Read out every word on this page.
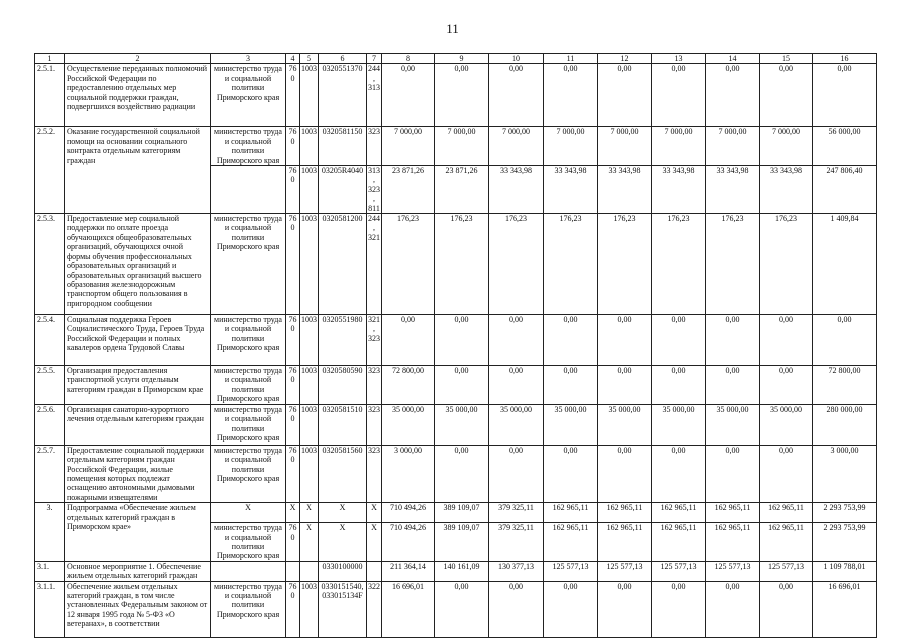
11
1	2	3	4	5	6	7	8	9	10	11	12	13	14	15	16
2.5.1.	Осуществление переданных полномочий Российской Федерации по предоставлению отдельных мер социальной поддержки граждан, подвергшихся воздействию радиации	министерство труда и социальной политики Приморского края	760	1003	0320551370	244, 313	0,00	0,00	0,00	0,00	0,00	0,00	0,00	0,00	0,00
2.5.2.	Оказание государственной социальной помощи на основании социального контракта отдельным категориям граждан	министерство труда и социальной политики Приморского края	760	1003	0320581150	323	7 000,00	7 000,00	7 000,00	7 000,00	7 000,00	7 000,00	7 000,00	7 000,00	56 000,00
			760	1003	03205R4040	313, 323, 811	23 871,26	23 871,26	33 343,98	33 343,98	33 343,98	33 343,98	33 343,98	33 343,98	247 806,40
2.5.3.	Предоставление мер социальной поддержки по оплате проезда обучающихся общеобразовательных организаций, обучающихся очной формы обучения профессиональных образовательных организаций и образовательных организаций высшего образования железнодорожным транспортом общего пользования в пригородном сообщении	министерство труда и социальной политики Приморского края	760	1003	0320581200	244, 321	176,23	176,23	176,23	176,23	176,23	176,23	176,23	176,23	1 409,84
2.5.4.	Социальная поддержка Героев Социалистического Труда, Героев Труда Российской Федерации и полных кавалеров ордена Трудовой Славы	министерство труда и социальной политики Приморского края	760	1003	0320551980	321, 323	0,00	0,00	0,00	0,00	0,00	0,00	0,00	0,00	0,00
2.5.5.	Организация предоставления транспортной услуги отдельным категориям граждан в Приморском крае	министерство труда и социальной политики Приморского края	760	1003	0320580590	323	72 800,00	0,00	0,00	0,00	0,00	0,00	0,00	0,00	72 800,00
2.5.6.	Организация санаторно-курортного лечения отдельным категориям граждан	министерство труда и социальной политики Приморского края	760	1003	0320581510	323	35 000,00	35 000,00	35 000,00	35 000,00	35 000,00	35 000,00	35 000,00	35 000,00	280 000,00
2.5.7.	Предоставление социальной поддержки отдельным категориям граждан Российской Федерации, жилые помещения которых подлежат оснащению автономными дымовыми пожарными извещателями	министерство труда и социальной политики Приморского края	760	1003	0320581560	323	3 000,00	0,00	0,00	0,00	0,00	0,00	0,00	0,00	3 000,00
3.	Подпрограмма «Обеспечение жильем отдельных категорий граждан в Приморском крае»	X	X	X	X	X	710 494,26	389 109,07	379 325,11	162 965,11	162 965,11	162 965,11	162 965,11	162 965,11	2 293 753,99
		министерство труда и социальной политики Приморского края	760	X	X	X	710 494,26	389 109,07	379 325,11	162 965,11	162 965,11	162 965,11	162 965,11	162 965,11	2 293 753,99
3.1.	Основное мероприятие 1. Обеспечение жильем отдельных категорий граждан				0330100000		211 364,14	140 161,09	130 377,13	125 577,13	125 577,13	125 577,13	125 577,13	125 577,13	1 109 788,01
3.1.1.	Обеспечение жильем отдельных категорий граждан, в том числе установленных Федеральным законом от 12 января 1995 года № 5-ФЗ «О ветеранах», в соответствии	министерство труда и социальной политики Приморского края	760	1003	0330151540, 033015134F	322	16 696,01	0,00	0,00	0,00	0,00	0,00	0,00	0,00	16 696,01
